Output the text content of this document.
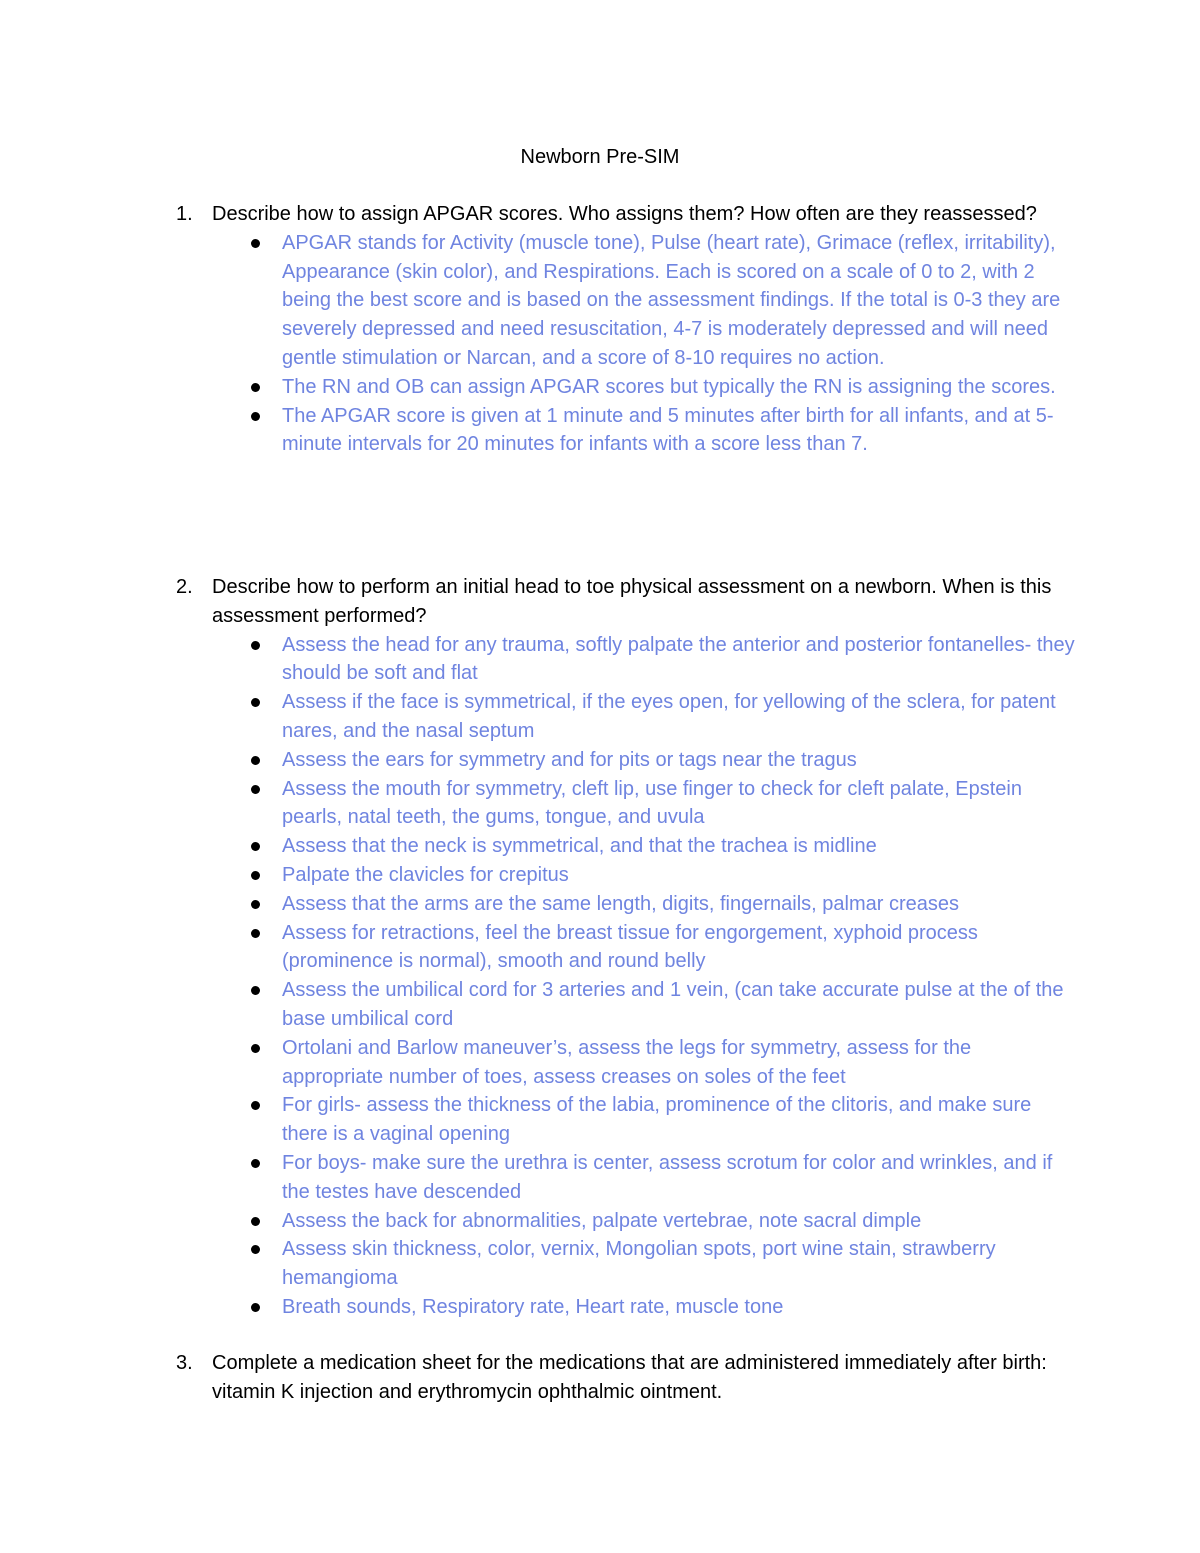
Newborn Pre-SIM
1. Describe how to assign APGAR scores. Who assigns them? How often are they reassessed?
APGAR stands for Activity (muscle tone), Pulse (heart rate), Grimace (reflex, irritability), Appearance (skin color), and Respirations. Each is scored on a scale of 0 to 2, with 2 being the best score and is based on the assessment findings. If the total is 0-3 they are severely depressed and need resuscitation, 4-7 is moderately depressed and will need gentle stimulation or Narcan, and a score of 8-10 requires no action.
The RN and OB can assign APGAR scores but typically the RN is assigning the scores.
The APGAR score is given at 1 minute and 5 minutes after birth for all infants, and at 5-minute intervals for 20 minutes for infants with a score less than 7.
2. Describe how to perform an initial head to toe physical assessment on a newborn. When is this assessment performed?
Assess the head for any trauma, softly palpate the anterior and posterior fontanelles- they should be soft and flat
Assess if the face is symmetrical, if the eyes open, for yellowing of the sclera, for patent nares, and the nasal septum
Assess the ears for symmetry and for pits or tags near the tragus
Assess the mouth for symmetry, cleft lip, use finger to check for cleft palate, Epstein pearls, natal teeth, the gums, tongue, and uvula
Assess that the neck is symmetrical, and that the trachea is midline
Palpate the clavicles for crepitus
Assess that the arms are the same length, digits, fingernails, palmar creases
Assess for retractions, feel the breast tissue for engorgement, xyphoid process (prominence is normal), smooth and round belly
Assess the umbilical cord for 3 arteries and 1 vein, (can take accurate pulse at the of the base umbilical cord
Ortolani and Barlow maneuver’s, assess the legs for symmetry, assess for the appropriate number of toes, assess creases on soles of the feet
For girls- assess the thickness of the labia, prominence of the clitoris, and make sure there is a vaginal opening
For boys- make sure the urethra is center, assess scrotum for color and wrinkles, and if the testes have descended
Assess the back for abnormalities, palpate vertebrae, note sacral dimple
Assess skin thickness, color, vernix, Mongolian spots, port wine stain, strawberry hemangioma
Breath sounds, Respiratory rate, Heart rate, muscle tone
3. Complete a medication sheet for the medications that are administered immediately after birth: vitamin K injection and erythromycin ophthalmic ointment.
